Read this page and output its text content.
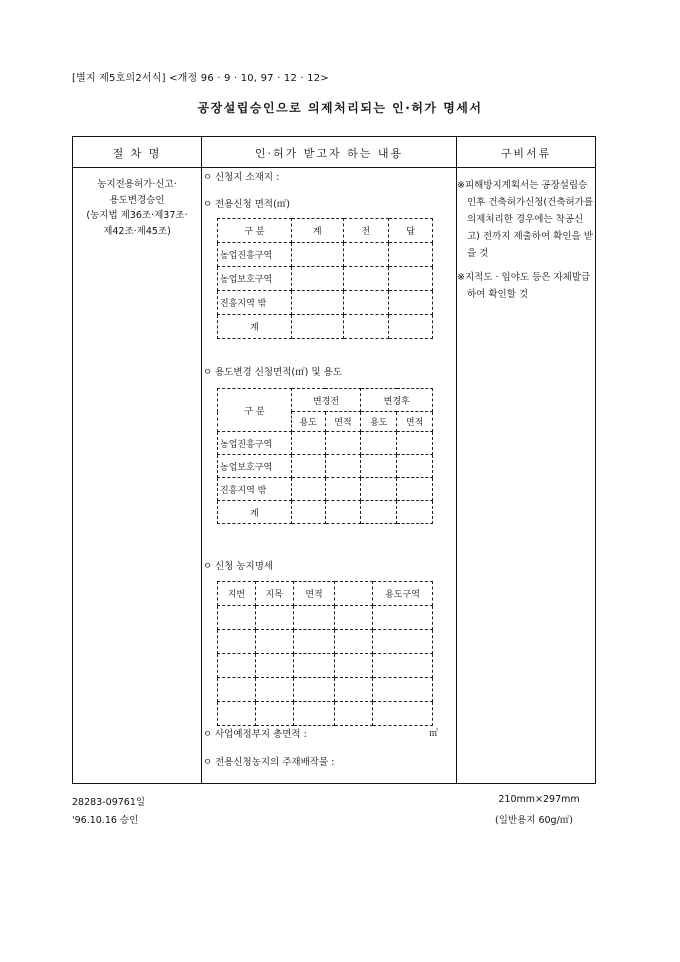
[별지 제5호의2서식] <개정 96 · 9 · 10, 97 · 12 · 12>
공장설립승인으로 의제처리되는 인·허가 명세서
절 차 명	인·허가 받고자 하는 내용	구비서류
농지전용허가·신고·
용도변경승인
(농지법 제36조·제37조·
제42조·제45조)
ㅇ 신청지 소재지 :
ㅇ 전용신청 면적(㎡)
구 분	계	전	답
농업진흥구역			
농업보호구역			
진흥지역 밖			
계			
ㅇ 용도변경 신청면적(㎡) 및 용도
구 분	변경전		변경후	
	용도	면적	용도	면적
농업진흥구역				
농업보호구역				
진흥지역 밖				
계				
ㅇ 신청 농지명세
지번	지목	면적		용도구역

ㅇ 사업예정부지 총면적 :	㎡
ㅇ 전용신청농지의 주재배작물 :

※피해방지계획서는 공장설립승인후 건축허가신청(건축허가를 의제처리한 경우에는 착공신고) 전까지 제출하여 확인을 받을 것

※지적도 · 임야도 등은 자체발급하여 확인할 것

28283-09761일
'96.10.16 승인
210mm×297mm
(일반용지 60g/㎡)
